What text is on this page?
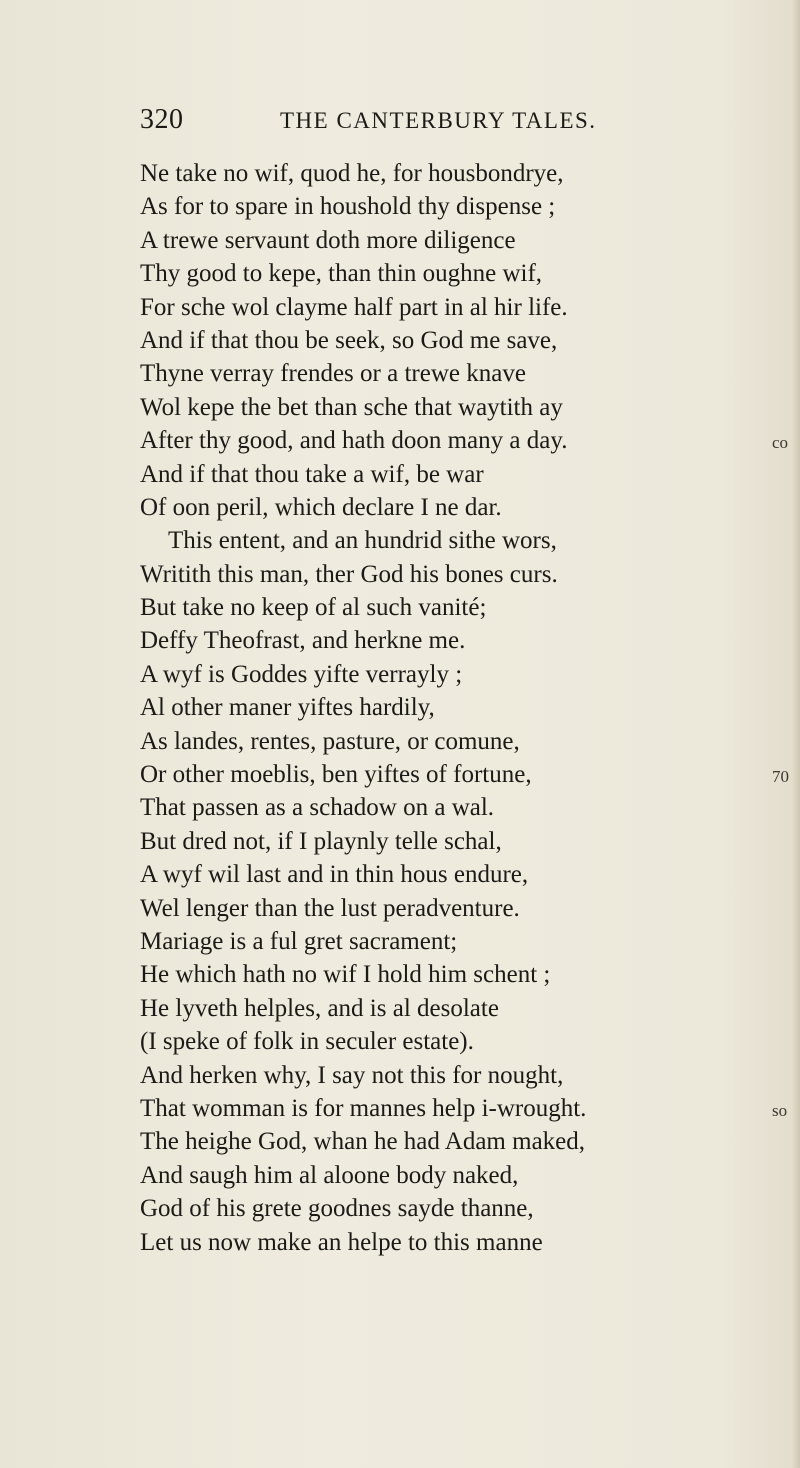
320	THE CANTERBURY TALES.
Ne take no wif, quod he, for housbondrye,
As for to spare in houshold thy dispense ;
A trewe servaunt doth more diligence
Thy good to kepe, than thin oughne wif,
For sche wol clayme half part in al hir life.
And if that thou be seek, so God me save,
Thyne verray frendes or a trewe knave
Wol kepe the bet than sche that waytith ay
After thy good, and hath doon many a day.	co
And if that thou take a wif, be war
Of oon peril, which declare I ne dar.
This entent, and an hundrid sithe wors,
Writith this man, ther God his bones curs.
But take no keep of al such vanité;
Deffy Theofrast, and herkne me.
A wyf is Goddes yifte verrayly ;
Al other maner yiftes hardily,
As landes, rentes, pasture, or comune,
Or other moeblis, ben yiftes of fortune,	70
That passen as a schadow on a wal.
But dred not, if I playnly telle schal,
A wyf wil last and in thin hous endure,
Wel lenger than the lust peradventure.
Mariage is a ful gret sacrament;
He which hath no wif I hold him schent ;
He lyveth helples, and is al desolate
(I speke of folk in seculer estate).
And herken why, I say not this for nought,
That womman is for mannes help i-wrought.	so
The heighe God, whan he had Adam maked,
And saugh him al aloone body naked,
God of his grete goodnes sayde thanne,
Let us now make an helpe to this manne
